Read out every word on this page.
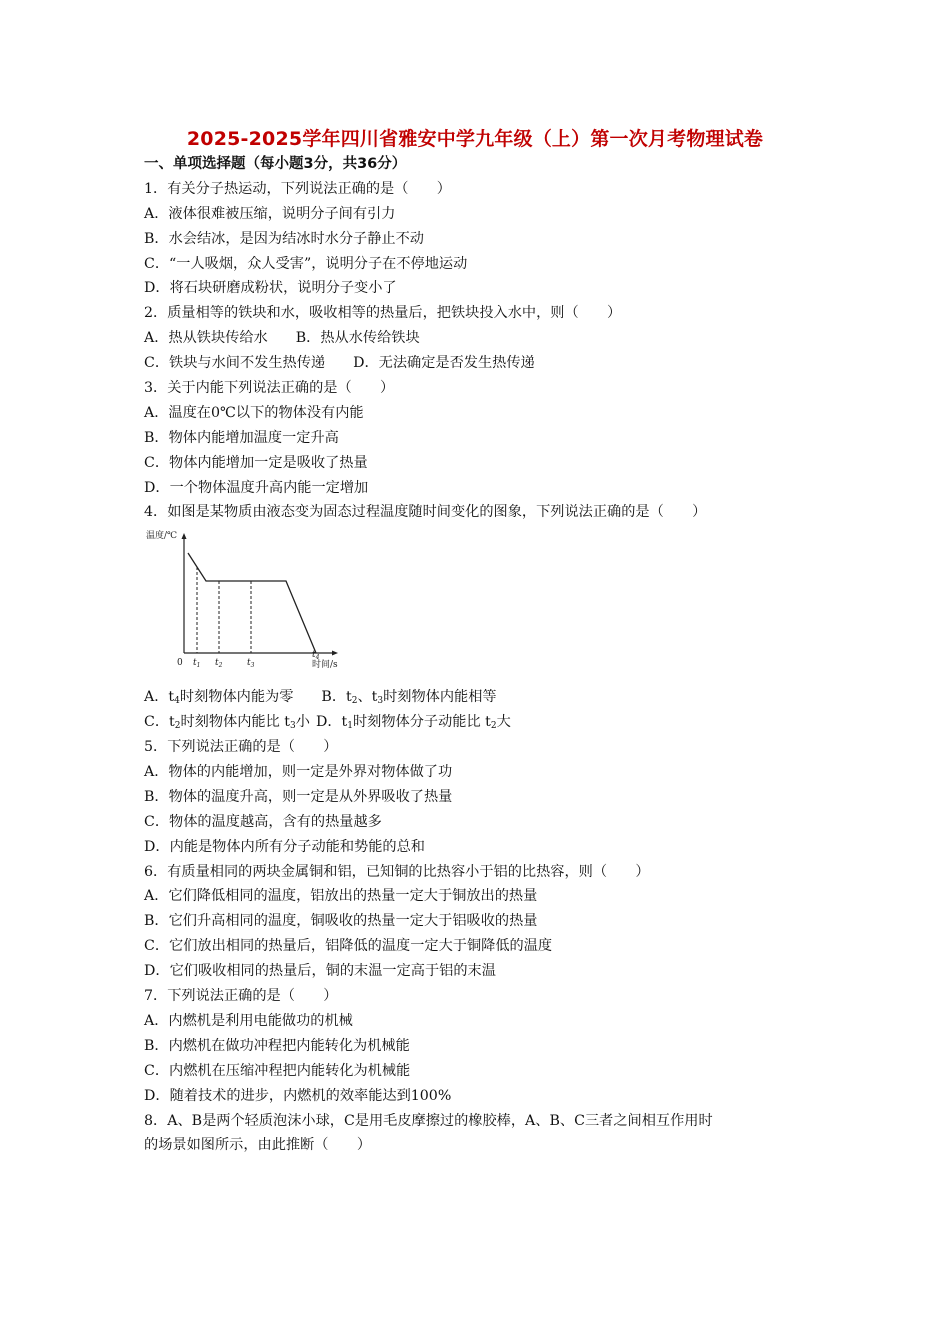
2025-2025学年四川省雅安中学九年级（上）第一次月考物理试卷
一、单项选择题（每小题3分，共36分）
1．有关分子热运动，下列说法正确的是（　　）
A．液体很难被压缩，说明分子间有引力
B．水会结冰，是因为结冰时水分子静止不动
C．“一人吸烟，众人受害”，说明分子在不停地运动
D．将石块研磨成粉状，说明分子变小了
2．质量相等的铁块和水，吸收相等的热量后，把铁块投入水中，则（　　）
A．热从铁块传给水 B．热从水传给铁块
C．铁块与水间不发生热传递 D．无法确定是否发生热传递
3．关于内能下列说法正确的是（　　）
A．温度在0℃以下的物体没有内能
B．物体内能增加温度一定升高
C．物体内能增加一定是吸收了热量
D．一个物体温度升高内能一定增加
4．如图是某物质由液态变为固态过程温度随时间变化的图象，下列说法正确的是（　　）
温度/℃
时间/s
0 $t_1$ $t_2$	$t_3$
$t_4$
A．$t_4$时刻物体内能为零 B．$t_2$、$t_3$时刻物体内能相等
C．$t_2$时刻物体内能比 $t_3$小 D．$t_1$时刻物体分子动能比 $t_2$大
5．下列说法正确的是（　　）
A．物体的内能增加，则一定是外界对物体做了功
B．物体的温度升高，则一定是从外界吸收了热量
C．物体的温度越高，含有的热量越多
D．内能是物体内所有分子动能和势能的总和
6．有质量相同的两块金属铜和铝，已知铜的比热容小于铝的比热容，则（　　）
A．它们降低相同的温度，铝放出的热量一定大于铜放出的热量
B．它们升高相同的温度，铜吸收的热量一定大于铝吸收的热量
C．它们放出相同的热量后，铝降低的温度一定大于铜降低的温度
D．它们吸收相同的热量后，铜的末温一定高于铝的末温
7．下列说法正确的是（　　）
A．内燃机是利用电能做功的机械
B．内燃机在做功冲程把内能转化为机械能
C．内燃机在压缩冲程把内能转化为机械能
D．随着技术的进步，内燃机的效率能达到100%
8．A、B是两个轻质泡沫小球，C是用毛皮摩擦过的橡胶棒，A、B、C三者之间相互作用时
的场景如图所示，由此推断（　　）
